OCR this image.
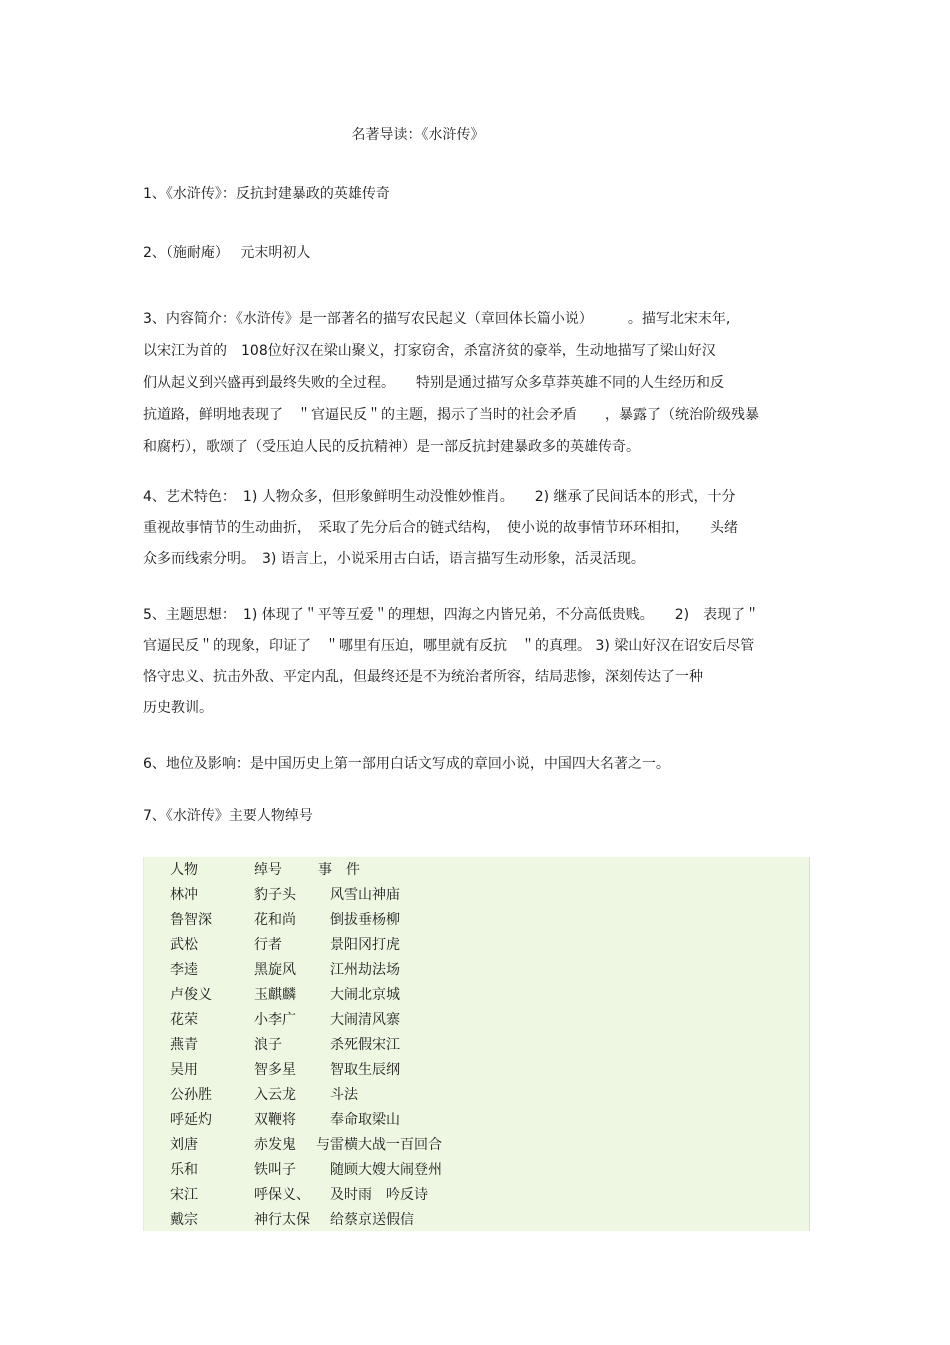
名著导读：《水浒传》
1、《水浒传》：反抗封建暴政的英雄传奇
2、（施耐庵）　 元末明初人
3、内容简介：《水浒传》是一部著名的描写农民起义（章回体长篇小说）　　　。描写北宋末年,
以宋江为首的　108位好汉在梁山聚义，打家窃舍，杀富济贫的豪举，生动地描写了梁山好汉
们从起义到兴盛再到最终失败的全过程。　　特别是通过描写众多草莽英雄不同的人生经历和反
抗道路，鲜明地表现了　＂官逼民反＂的主题，揭示了当时的社会矛盾　　，暴露了（统治阶级残暴
和腐朽），歌颂了（受压迫人民的反抗精神）是一部反抗封建暴政多的英雄传奇。
4、艺术特色：　1) 人物众多，但形象鲜明生动没惟妙惟肖。　　2) 继承了民间话本的形式，十分
重视故事情节的生动曲折，　采取了先分后合的链式结构，　使小说的故事情节环环相扣，　　头绪
众多而线索分明。　3) 语言上，小说采用古白话，语言描写生动形象，活灵活现。
5、主题思想：　1) 体现了＂平等互爱＂的理想，四海之内皆兄弟，不分高低贵贱。　　2)　表现了＂
官逼民反＂的现象，印证了　＂哪里有压迫，哪里就有反抗　＂的真理。 3) 梁山好汉在诏安后尽管
恪守忠义、抗击外敌、平定内乱，但最终还是不为统治者所容，结局悲惨，深刻传达了一种
历史教训。
6、地位及影响：是中国历史上第一部用白话文写成的章回小说，中国四大名著之一。
7、《水浒传》主要人物绰号
人物	绰号	事　件
林冲	豹子头 风雪山神庙
鲁智深	花和尚 倒拔垂杨柳
武松	行者	景阳冈打虎
李逵	黑旋风 江州劫法场
卢俊义	玉麒麟 大闹北京城
花荣	小李广 大闹清风寨
燕青	浪子	杀死假宋江
吴用	智多星 智取生辰纲
公孙胜	入云龙 斗法
呼延灼	双鞭将 奉命取梁山
刘唐	赤发鬼 与雷横大战一百回合
乐和	铁叫子 随顾大嫂大闹登州
宋江	呼保义、 及时雨　吟反诗
戴宗	神行太保 给蔡京送假信
